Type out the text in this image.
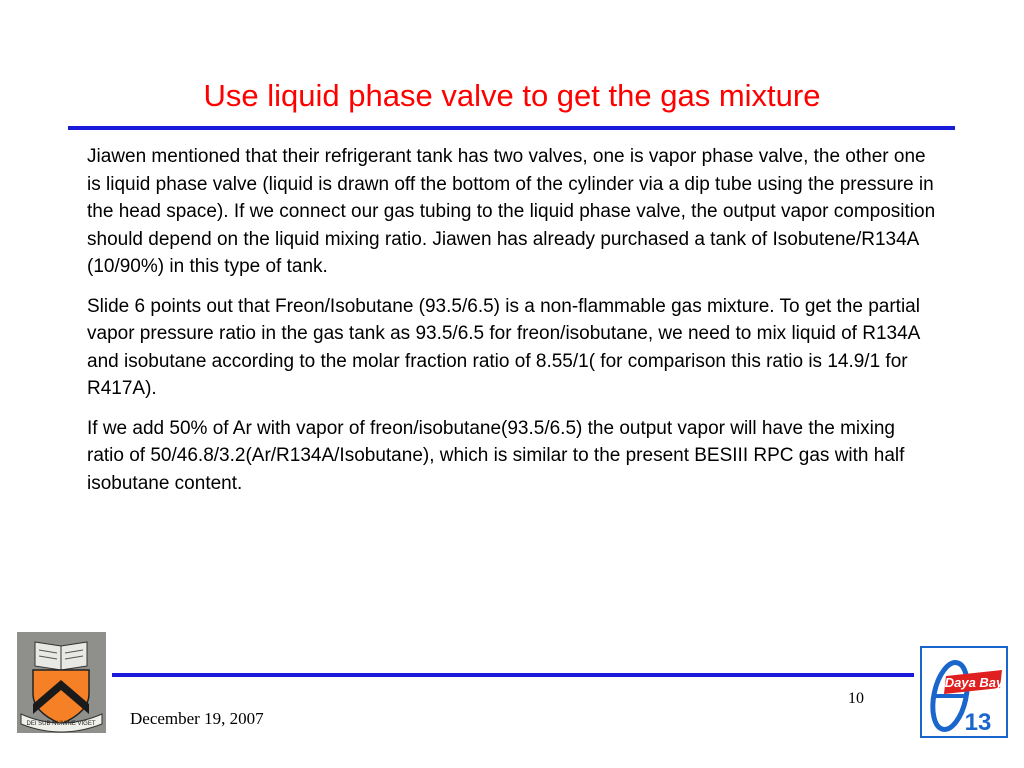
Use liquid phase valve to get the gas mixture

Jiawen mentioned that their refrigerant tank has two valves, one is vapor phase valve, the other one is liquid phase valve (liquid is drawn off the bottom of the cylinder via a dip tube using the pressure in the head space). If we connect our gas tubing to the liquid phase valve, the output vapor composition should depend on the liquid mixing ratio. Jiawen has already purchased a tank of Isobutene/R134A (10/90%) in this type of tank.

Slide 6 points out that Freon/Isobutane (93.5/6.5) is a non-flammable gas mixture. To get the partial vapor pressure ratio in the gas tank as 93.5/6.5 for freon/isobutane, we need to mix liquid of R134A and isobutane according to the molar fraction ratio of 8.55/1( for comparison this ratio is 14.9/1 for R417A).

If we add 50% of Ar with vapor of freon/isobutane(93.5/6.5) the output vapor will have the mixing ratio of 50/46.8/3.2(Ar/R134A/Isobutane), which is similar to the present BESIII RPC gas with half isobutane content.

DEI SUB NUMINE VIGET
10
December 19, 2007
Daya Bay
13
